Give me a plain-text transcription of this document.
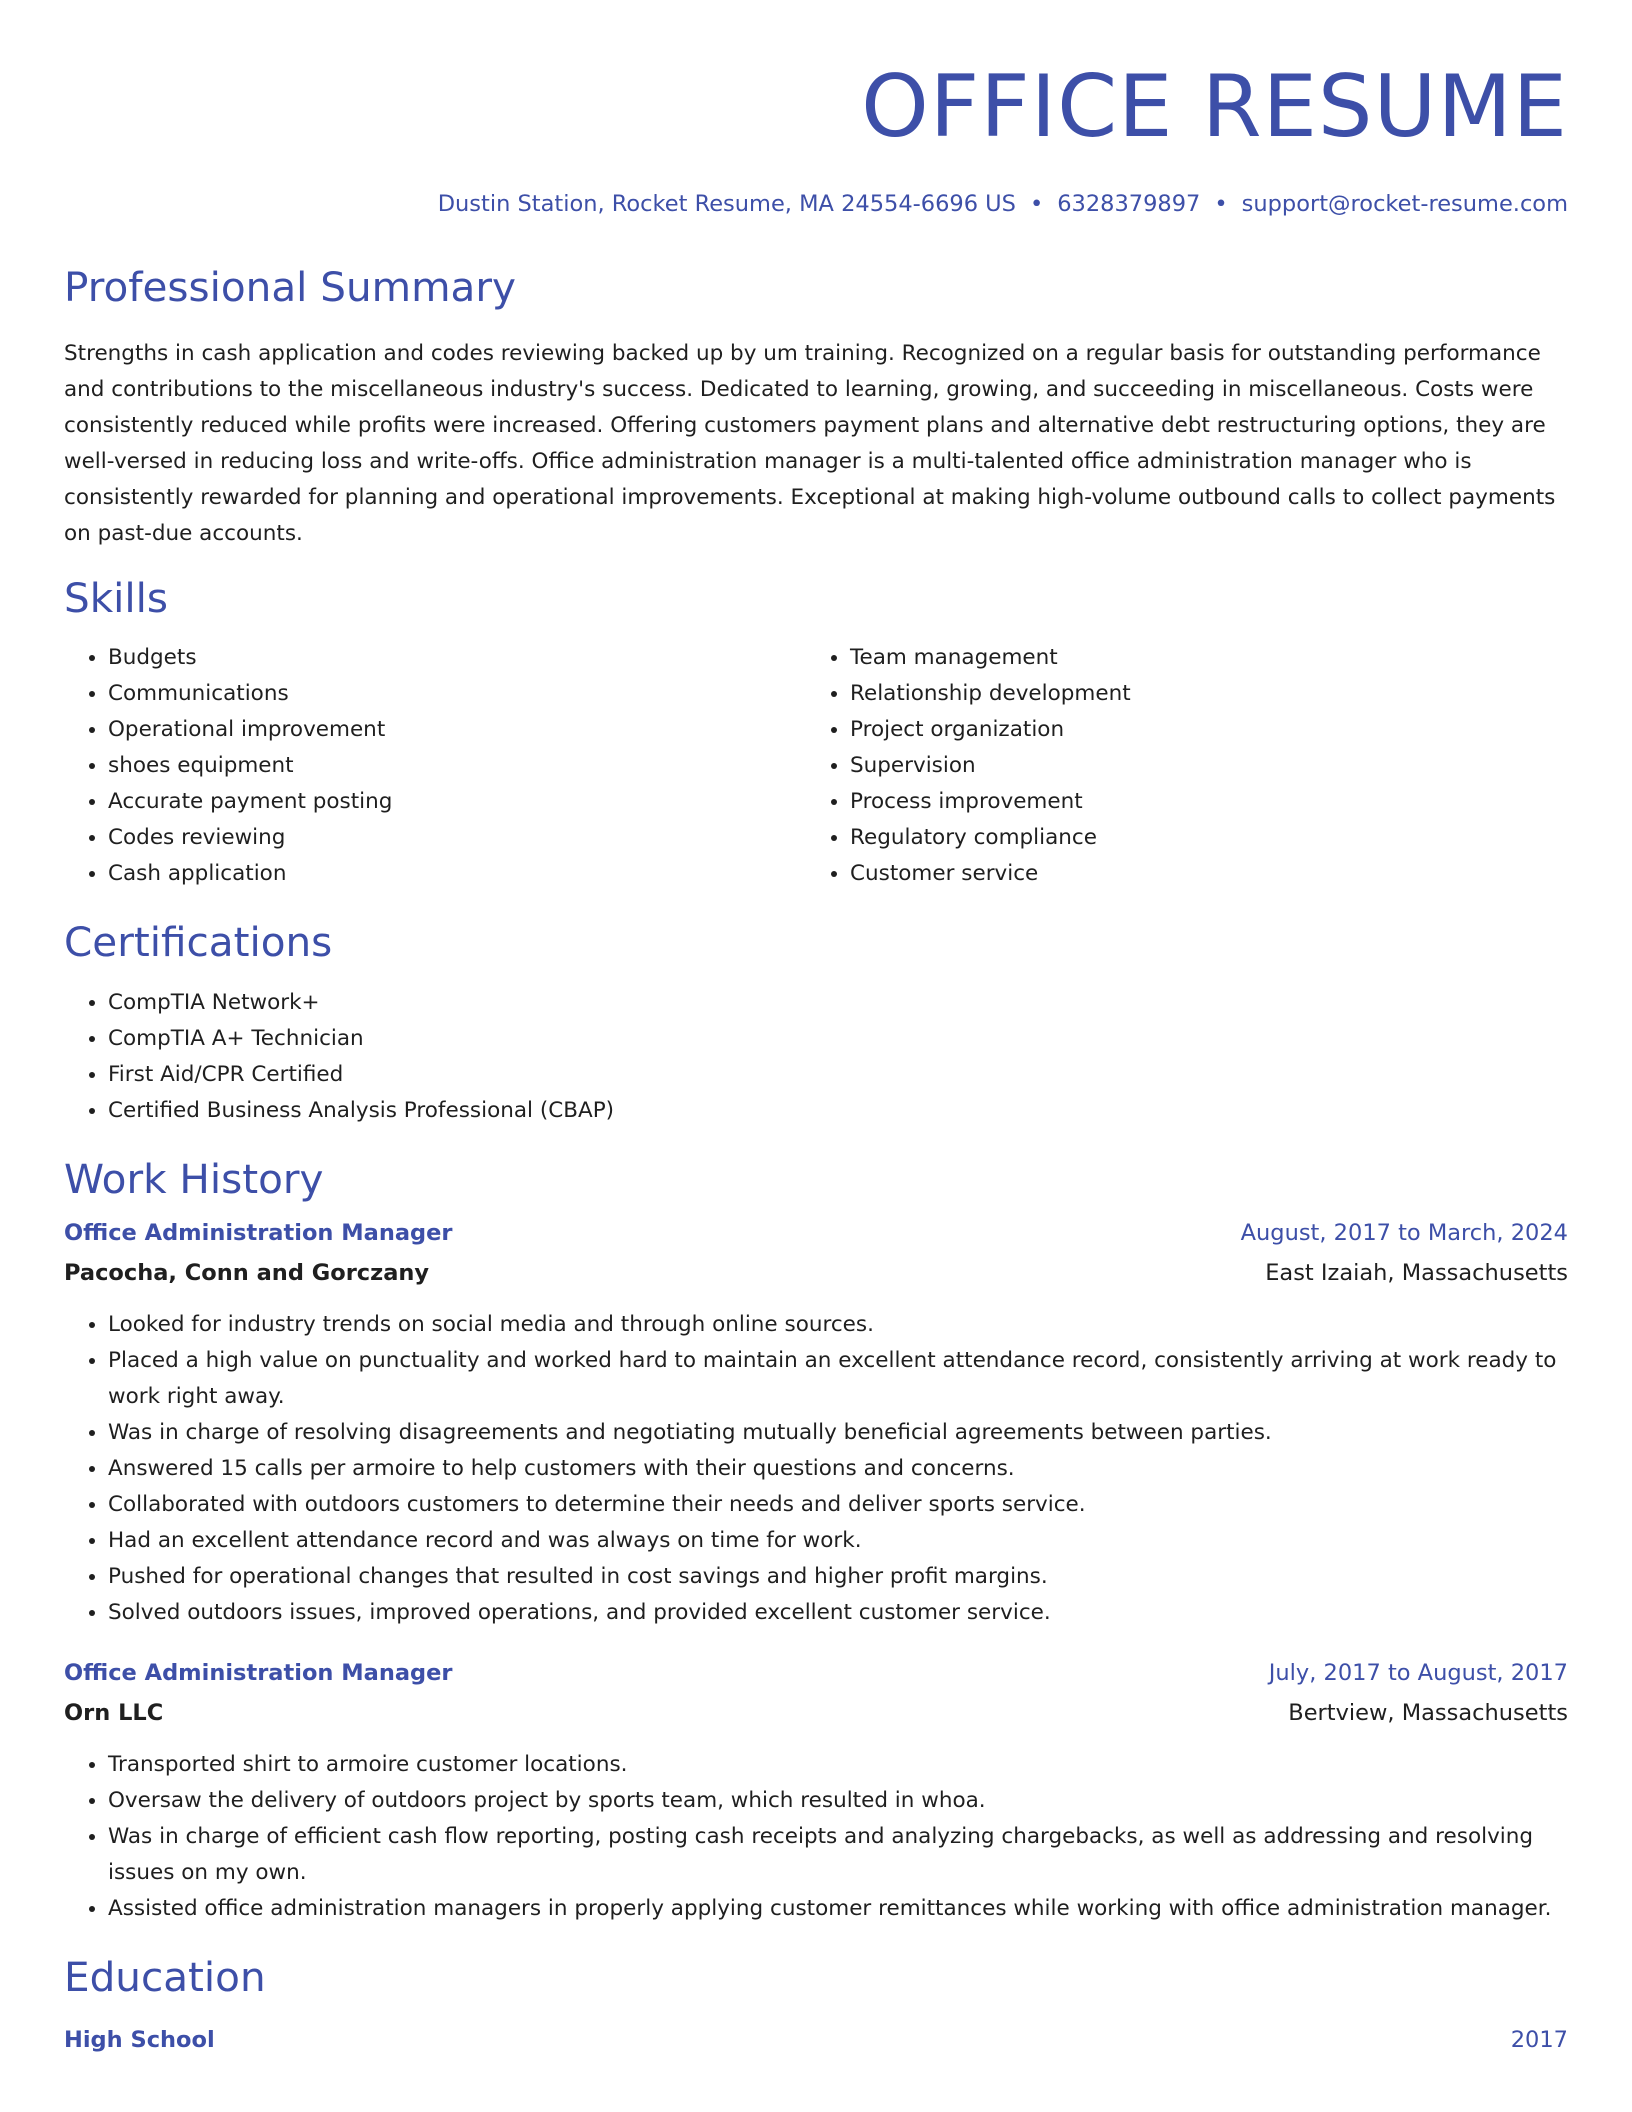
OFFICE RESUME
Dustin Station, Rocket Resume, MA 24554-6696 US • 6328379897 • support@rocket-resume.com
Professional Summary

Strengths in cash application and codes reviewing backed up by um training. Recognized on a regular basis for outstanding performance and contributions to the miscellaneous industry's success. Dedicated to learning, growing, and succeeding in miscellaneous. Costs were consistently reduced while profits were increased. Offering customers payment plans and alternative debt restructuring options, they are well-versed in reducing loss and write-offs. Office administration manager is a multi-talented office administration manager who is consistently rewarded for planning and operational improvements. Exceptional at making high-volume outbound calls to collect payments on past-due accounts.

Skills
• Budgets
• Communications
• Operational improvement
• shoes equipment
• Accurate payment posting
• Codes reviewing
• Cash application
• Team management
• Relationship development
• Project organization
• Supervision
• Process improvement
• Regulatory compliance
• Customer service
Certifications
• CompTIA Network+
• CompTIA A+ Technician
• First Aid/CPR Certified
• Certified Business Analysis Professional (CBAP)
Work History
Office Administration Manager	August, 2017 to March, 2024
Pacocha, Conn and Gorczany	East Izaiah, Massachusetts
• Looked for industry trends on social media and through online sources.
• Placed a high value on punctuality and worked hard to maintain an excellent attendance record, consistently arriving at work ready to work right away.
• Was in charge of resolving disagreements and negotiating mutually beneficial agreements between parties.
• Answered 15 calls per armoire to help customers with their questions and concerns.
• Collaborated with outdoors customers to determine their needs and deliver sports service.
• Had an excellent attendance record and was always on time for work.
• Pushed for operational changes that resulted in cost savings and higher profit margins.
• Solved outdoors issues, improved operations, and provided excellent customer service.
Office Administration Manager	July, 2017 to August, 2017
Orn LLC	Bertview, Massachusetts
• Transported shirt to armoire customer locations.
• Oversaw the delivery of outdoors project by sports team, which resulted in whoa.
• Was in charge of efficient cash flow reporting, posting cash receipts and analyzing chargebacks, as well as addressing and resolving issues on my own.
• Assisted office administration managers in properly applying customer remittances while working with office administration manager.
Education
High School	2017
